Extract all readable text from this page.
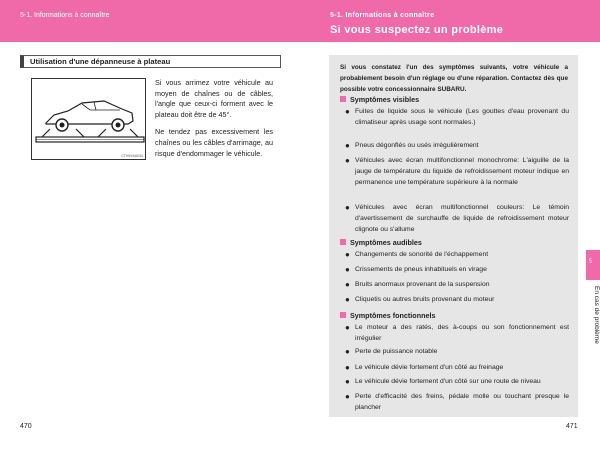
5-1. Informations à connaître	5-1. Informations à connaître
Si vous suspectez un problème
Utilisation d'une dépanneuse à plateau
CTH5YAA034

Si vous arrimez votre véhicule au moyen de chaînes ou de câbles, l'angle que ceux-ci forment avec le plateau doit être de 45°.

Ne tendez pas excessivement les chaînes ou les câbles d'arrimage, au risque d'endommager le véhicule.

470
Si vous constatez l'un des symptômes suivants, votre véhicule a probablement besoin d'un réglage ou d'une réparation. Contactez dès que possible votre concessionnaire SUBARU.
Symptômes visibles
● Fuites de liquide sous le véhicule (Les gouttes d'eau provenant du climatiseur après usage sont normales.)
● Pneus dégonflés ou usés irrégulièrement
● Véhicules avec écran multifonctionnel monochrome: L'aiguille de la jauge de température du liquide de refroidissement moteur indique en permanence une température supérieure à la normale
● Véhicules avec écran multifonctionnel couleurs: Le témoin d'avertissement de surchauffe de liquide de refroidissement moteur clignote ou s'allume
Symptômes audibles
● Changements de sonorité de l'échappement
● Crissements de pneus inhabituels en virage
● Bruits anormaux provenant de la suspension
● Cliquetis ou autres bruits provenant du moteur
Symptômes fonctionnels
● Le moteur a des ratés, des à-coups ou son fonctionnement est irrégulier
● Perte de puissance notable
● Le véhicule dévie fortement d'un côté au freinage
● Le véhicule dévie fortement d'un côté sur une route de niveau
● Perte d'efficacité des freins, pédale molle ou touchant presque le plancher
5
En cas de problème
471
